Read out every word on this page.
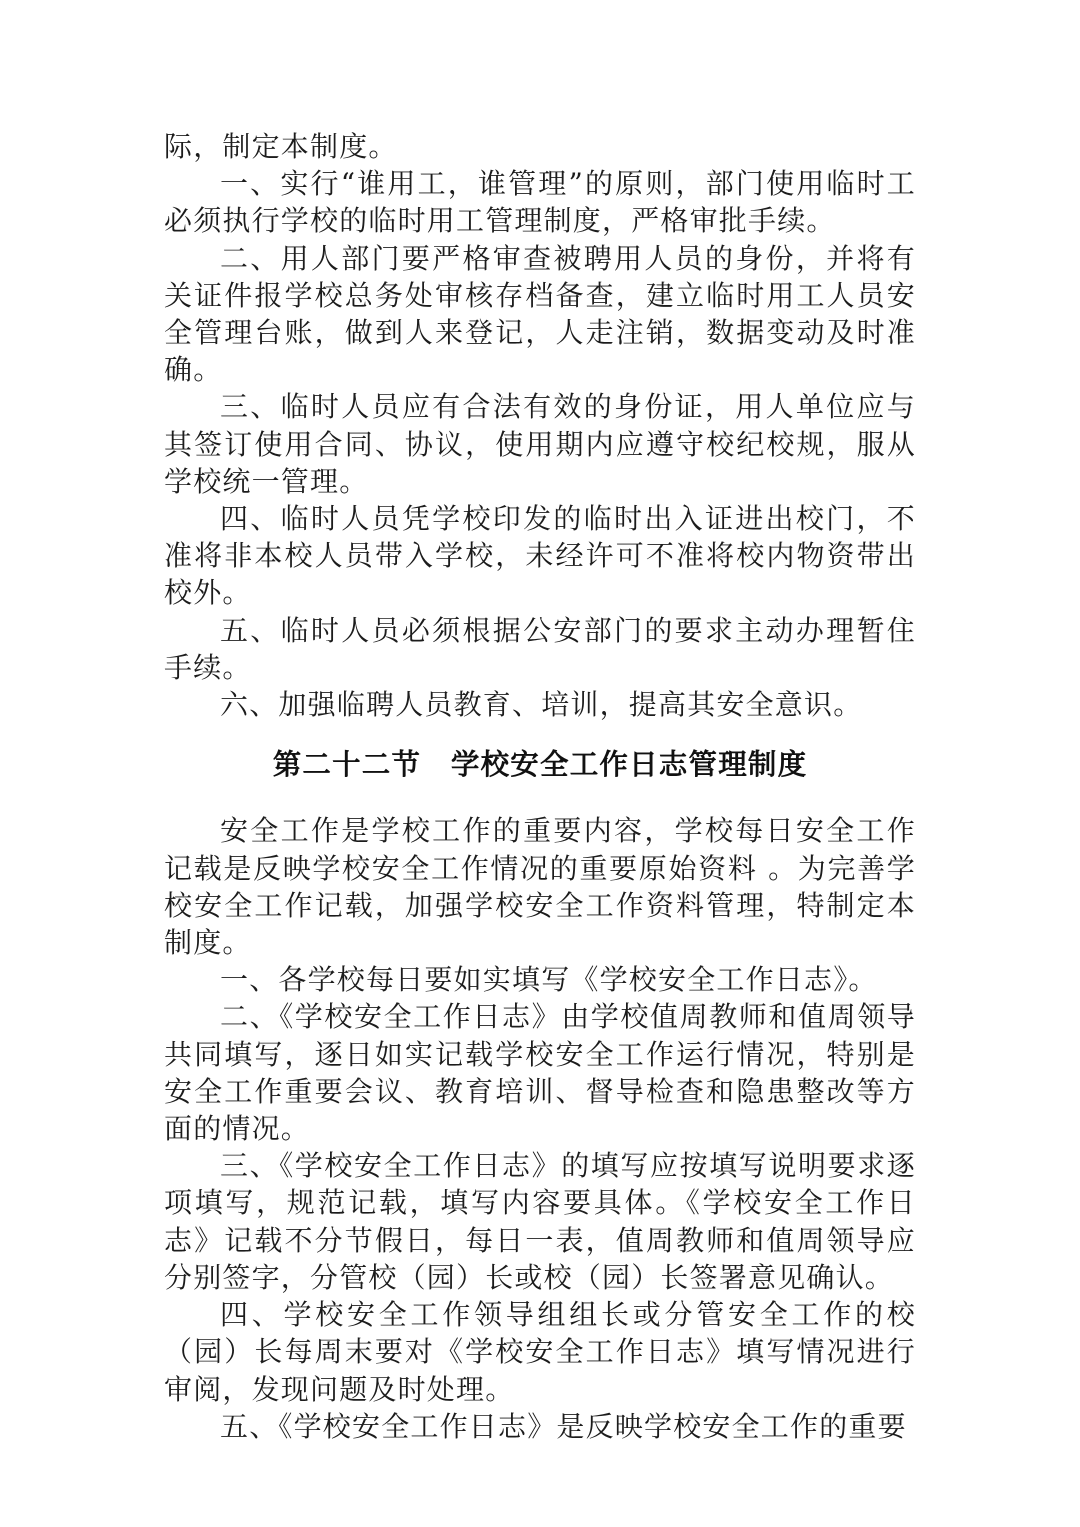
际，制定本制度。

一、实行“谁用工，谁管理”的原则，部门使用临时工必须执行学校的临时用工管理制度，严格审批手续。

二、用人部门要严格审查被聘用人员的身份，并将有关证件报学校总务处审核存档备查，建立临时用工人员安全管理台账，做到人来登记，人走注销，数据变动及时准确。

三、临时人员应有合法有效的身份证，用人单位应与其签订使用合同、协议，使用期内应遵守校纪校规，服从学校统一管理。

四、临时人员凭学校印发的临时出入证进出校门，不准将非本校人员带入学校，未经许可不准将校内物资带出校外。

五、临时人员必须根据公安部门的要求主动办理暂住手续。

六、加强临聘人员教育、培训，提高其安全意识。

第二十二节　学校安全工作日志管理制度

安全工作是学校工作的重要内容，学校每日安全工作记载是反映学校安全工作情况的重要原始资料 。为完善学校安全工作记载，加强学校安全工作资料管理，特制定本制度。

一、各学校每日要如实填写《学校安全工作日志》。

二、《学校安全工作日志》由学校值周教师和值周领导共同填写，逐日如实记载学校安全工作运行情况，特别是安全工作重要会议、教育培训、督导检查和隐患整改等方面的情况。

三、《学校安全工作日志》的填写应按填写说明要求逐项填写，规范记载，填写内容要具体。《学校安全工作日志》记载不分节假日，每日一表，值周教师和值周领导应分别签字，分管校（园）长或校（园）长签署意见确认。

四、学校安全工作领导组组长或分管安全工作的校（园）长每周末要对《学校安全工作日志》填写情况进行审阅，发现问题及时处理。

五、《学校安全工作日志》是反映学校安全工作的重要
